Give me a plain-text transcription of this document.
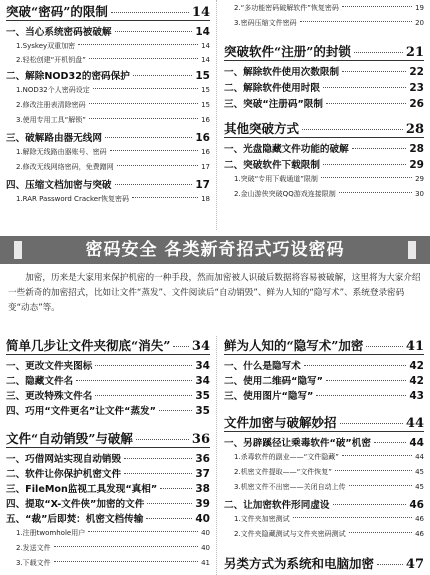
突破“密码”的限制	14
一、当心系统密码被破解	14
1.Syskey双重加密	14
2.轻松创建“开机钥盘”	14
二、解除NOD32的密码保护	15
1.NOD32个人密码设定	15
2.修改注册表清除密码	15
3.使用专用工具“解锁”	16
三、破解路由器无线网	16
1.解除无线路由器账号、密码	16
2.修改无线网络密码，免费蹭网	17
四、压缩文档加密与突破	17
1.RAR Password Cracker恢复密码	18
2.“多功能密码破解软件”恢复密码	19
3.密码压缩文件密码	20
突破软件“注册”的封锁	21
一、解除软件使用次数限制	22
二、解除软件使用时限	23
三、突破“注册码”限制	26
其他突破方式	28
一、光盘隐藏文件功能的破解	28
二、突破软件下载限制	29
1.突破“专用下载通道”限制	29
2.金山游侠突破QQ游戏连接限制	30
密码安全 各类新奇招式巧设密码
加密，历来是大家用来保护机密的一种手段，然而加密被人识破后数据将容易被破解，这里将为大家介绍一些新奇的加密招式，比如让文件“蒸发”、文件阅读后“自动销毁”、鲜为人知的“隐写术”、系统登录密码变“动态”等。
简单几步让文件夹彻底“消失” 34
一、更改文件夹图标	34
二、隐藏文件名	34
三、更改特殊文件名	35
四、巧用“文件更名”让文件“蒸发”	35
文件“自动销毁”与破解	36
一、巧借网站实现自动销毁	36
二、软件让你保护机密文件	37
三、FileMon监视工具发现“真相”	38
四、提取“X-文件侠”加密的文件	39
五、“裁”后即焚：机密文档传输	40
1.注册twomhole用户	40
2.发送文件	40
3.下载文件	41
鲜为人知的“隐写术”加密	41
一、什么是隐写术	42
二、使用二维码“隐写”	42
三、使用图片“隐写”	43
文件加密与破解妙招	44
一、另辟蹊径让乘毒软件“破”机密	44
1.杀毒软件的副业——“文件隐藏”	44
2.机密文件提取——“文件恢复”	45
3.机密文件不出密——关闭自动上传	45
二、让加密软件形同虚设	46
1.文件夹加密测试	46
2.文件夹隐藏测试与文件夹密码测试	46
另类方式为系统和电脑加密 47
